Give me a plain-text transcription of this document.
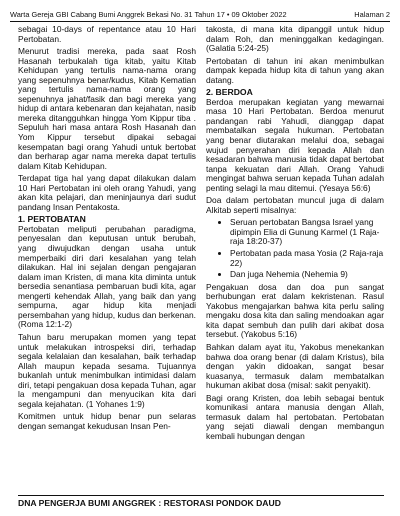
Warta Gereja GBI Cabang Bumi Anggrek Bekasi No. 31 Tahun 17 • 09 Oktober 2022	Halaman 2

sebagai 10-days of repentance atau 10 Hari Pertobatan.

Menurut tradisi mereka, pada saat Rosh Hasanah terbukalah tiga kitab, yaitu Kitab Kehidupan yang tertulis nama-nama orang yang sepenuhnya benar/kudus, Kitab Kematian yang tertulis nama-nama orang yang sepenuhnya jahat/fasik dan bagi mereka yang hidup di antara kebenaran dan kejahatan, nasib mereka ditangguhkan hingga Yom Kippur tiba . Sepuluh hari masa antara Rosh Hasanah dan Yom Kippur tersebut dipakai sebagai kesempatan bagi orang Yahudi untuk bertobat dan berharap agar nama mereka dapat tertulis dalam Kitab Kehidupan.

Terdapat tiga hal yang dapat dilakukan dalam 10 Hari Pertobatan ini oleh orang Yahudi, yang akan kita pelajari, dan meninjaunya dari sudut pandang Insan Pentakosta.

1. PERTOBATAN

Pertobatan meliputi perubahan paradigma, penyesalan dan keputusan untuk berubah, yang diwujudkan dengan usaha untuk memperbaiki diri dari kesalahan yang telah dilakukan. Hal ini sejalan dengan pengajaran dalam iman Kristen, di mana kita diminta untuk bersedia senantiasa pembaruan budi kita, agar mengerti kehendak Allah, yang baik dan yang sempurna, agar hidup kita menjadi persembahan yang hidup, kudus dan berkenan. (Roma 12:1-2)

Tahun baru merupakan momen yang tepat untuk melakukan introspeksi diri, terhadap segala kelalaian dan kesalahan, baik terhadap Allah maupun kepada sesama. Tujuannya bukanlah untuk menimbulkan intimidasi dalam diri, tetapi pengakuan dosa kepada Tuhan, agar la mengampuni dan menyucikan kita dari segala kejahatan. (1 Yohanes 1:9)

Komitmen untuk hidup benar pun selaras dengan semangat kekudusan Insan Pen-

takosta, di mana kita dipanggil untuk hidup dalam Roh, dan meninggalkan kedagingan. (Galatia 5:24-25)

Pertobatan di tahun ini akan menimbulkan dampak kepada hidup kita di tahun yang akan datang.

2. BERDOA

Berdoa merupakan kegiatan yang mewarnai masa 10 Hari Pertobatan. Berdoa menurut pandangan rabi Yahudi, dianggap dapat membatalkan segala hukuman. Pertobatan yang benar diutarakan melalui doa, sebagai wujud penyerahan diri kepada Allah dan kesadaran bahwa manusia tidak dapat bertobat tanpa kekuatan dari Allah. Orang Yahudi mengingat bahwa seruan kepada Tuhan adalah penting selagi la mau ditemui. (Yesaya 56:6)

Doa dalam pertobatan muncul juga di dalam Alkitab seperti misalnya:

• Seruan pertobatan Bangsa Israel yang dipimpin Elia di Gunung Karmel (1 Raja-raja 18:20-37)
• Pertobatan pada masa Yosia (2 Raja-raja 22)
• Dan juga Nehemia (Nehemia 9)

Pengakuan dosa dan doa pun sangat berhubungan erat dalam kekristenan. Rasul Yakobus mengajarkan bahwa kita perlu saling mengaku dosa kita dan saling mendoakan agar kita dapat sembuh dan pulih dari akibat dosa tersebut. (Yakobus 5:16)

Bahkan dalam ayat itu, Yakobus menekankan bahwa doa orang benar (di dalam Kristus), bila dengan yakin didoakan, sangat besar kuasanya, termasuk dalam membatalkan hukuman akibat dosa (misal: sakit penyakit).

Bagi orang Kristen, doa lebih sebagai bentuk komunikasi antara manusia dengan Allah, termasuk dalam hal pertobatan. Pertobatan yang sejati diawali dengan membangun kembali hubungan dengan

DNA PENGERJA BUMI ANGGREK : RESTORASI PONDOK DAUD
